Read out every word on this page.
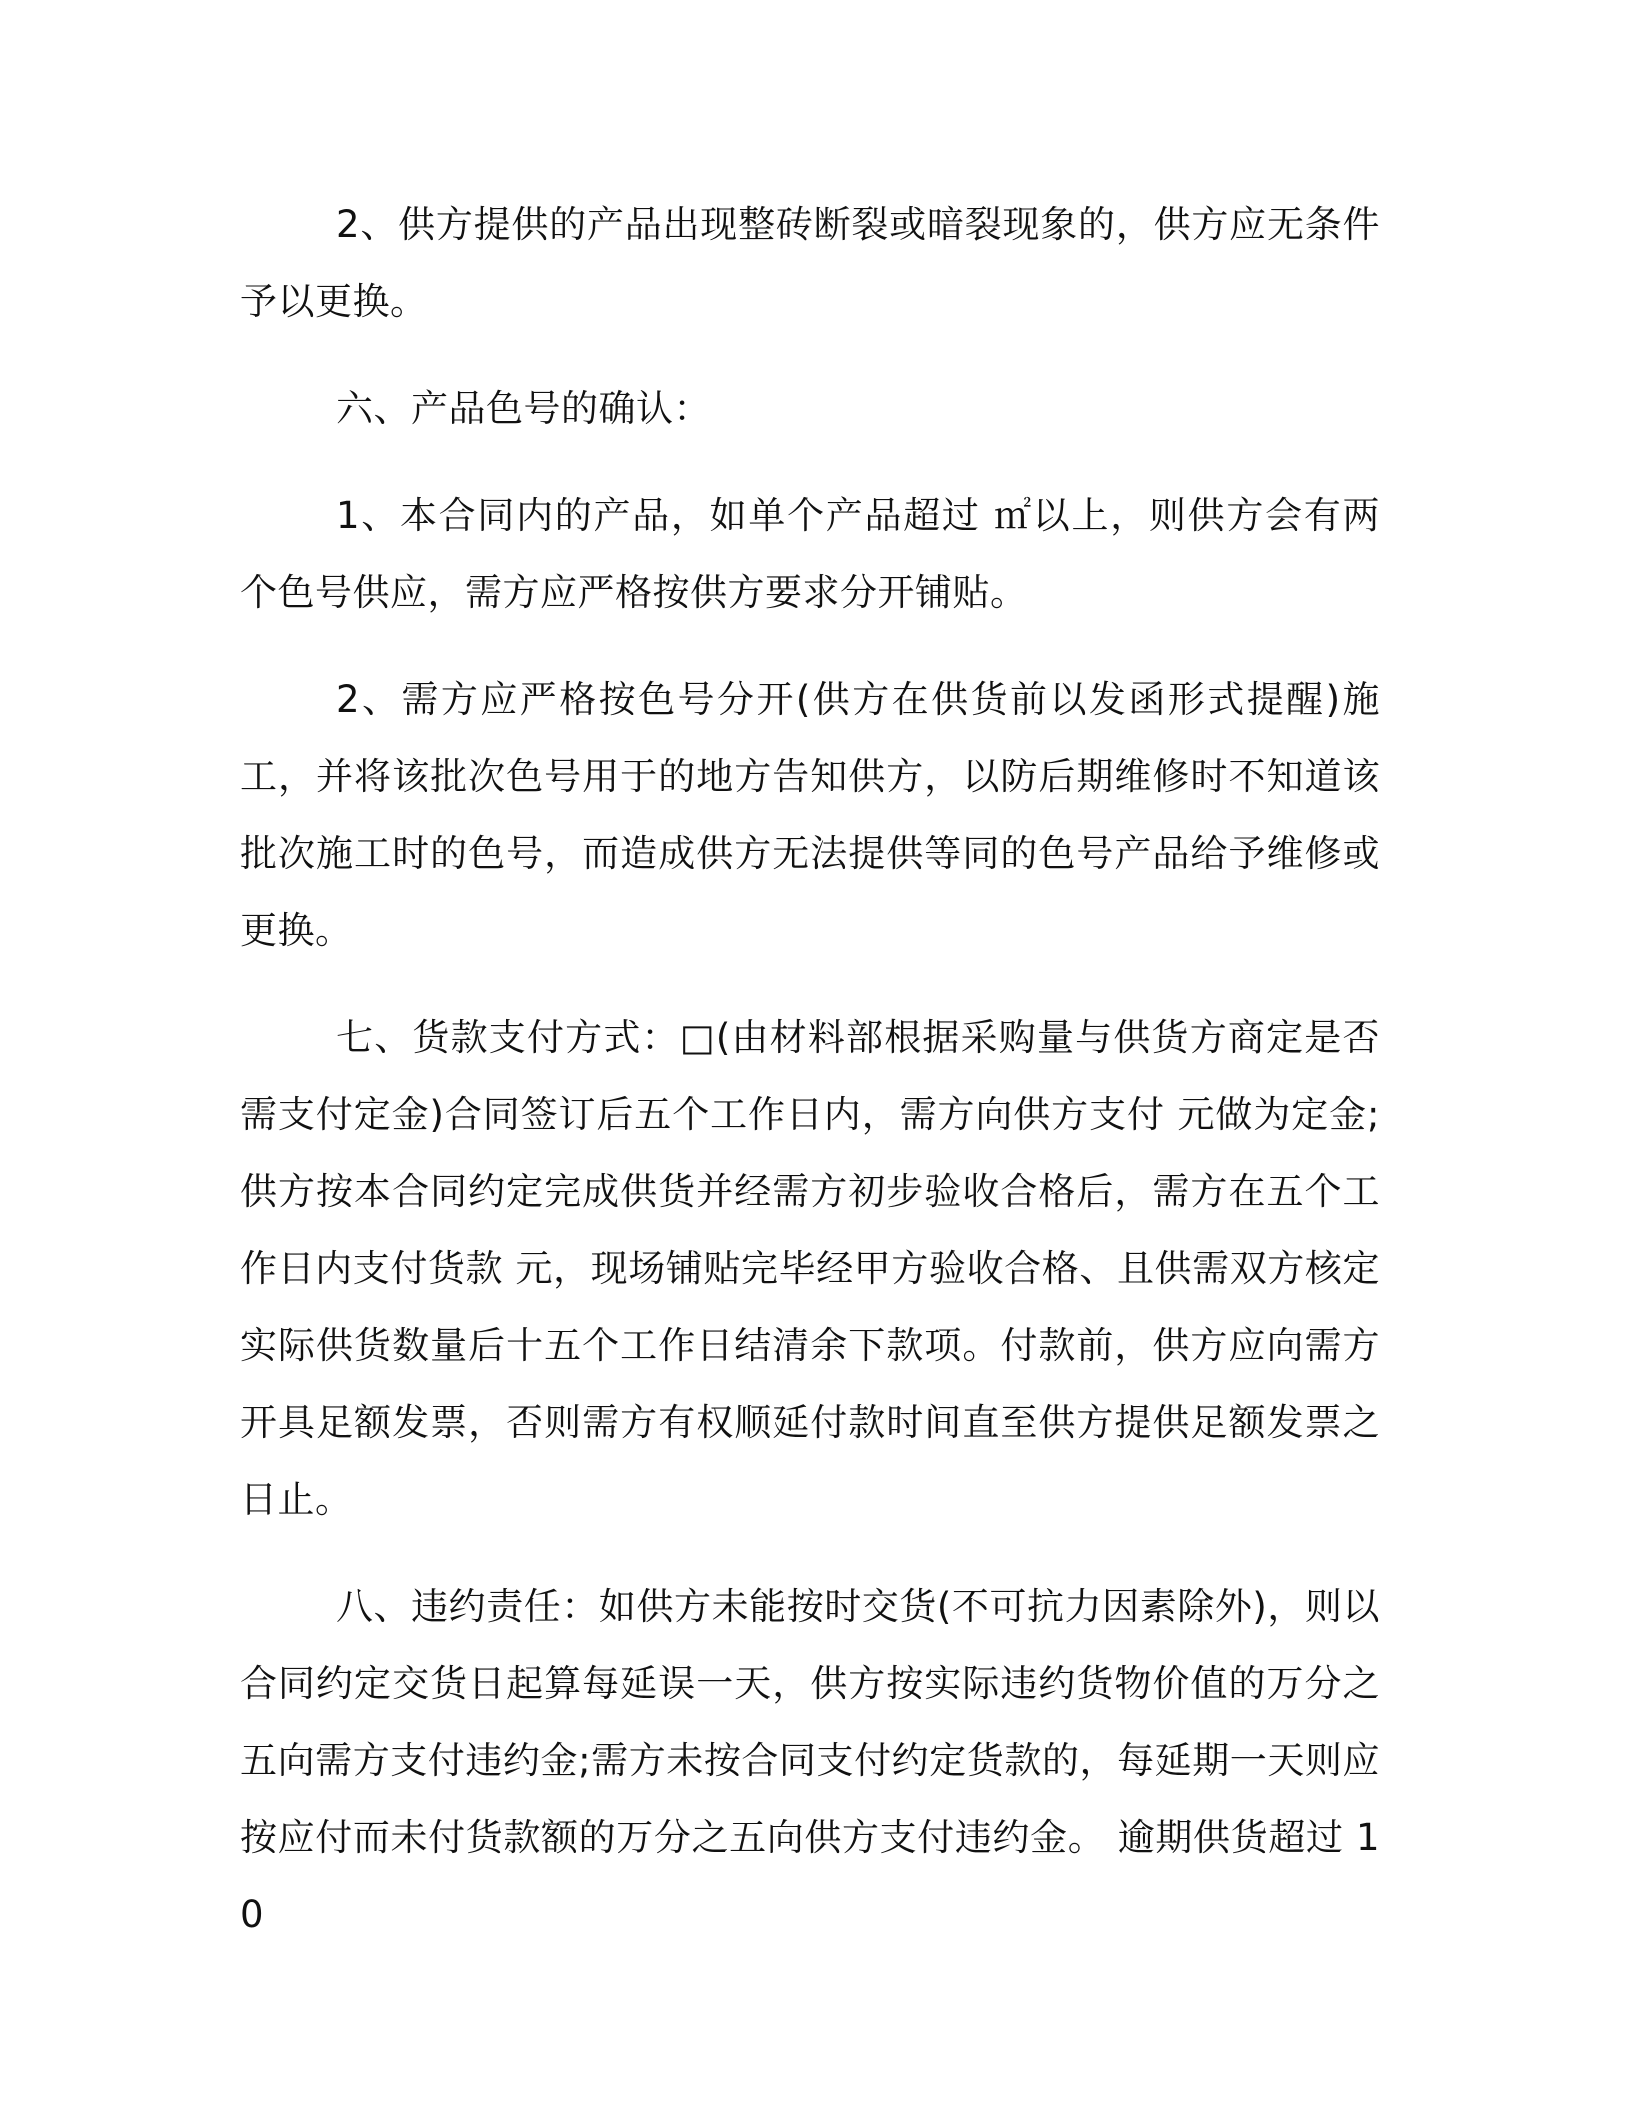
2、供方提供的产品出现整砖断裂或暗裂现象的，供方应无条件予以更换。

六、产品色号的确认：

1、本合同内的产品，如单个产品超过 ㎡以上，则供方会有两个色号供应，需方应严格按供方要求分开铺贴。

2、需方应严格按色号分开(供方在供货前以发函形式提醒)施工，并将该批次色号用于的地方告知供方，以防后期维修时不知道该批次施工时的色号，而造成供方无法提供等同的色号产品给予维修或更换。

七、货款支付方式：□(由材料部根据采购量与供货方商定是否需支付定金)合同签订后五个工作日内，需方向供方支付 元做为定金;供方按本合同约定完成供货并经需方初步验收合格后，需方在五个工作日内支付货款 元，现场铺贴完毕经甲方验收合格、且供需双方核定实际供货数量后十五个工作日结清余下款项。付款前，供方应向需方开具足额发票，否则需方有权顺延付款时间直至供方提供足额发票之日止。

八、违约责任：如供方未能按时交货(不可抗力因素除外)，则以合同约定交货日起算每延误一天，供方按实际违约货物价值的万分之五向需方支付违约金;需方未按合同支付约定货款的，每延期一天则应按应付而未付货款额的万分之五向供方支付违约金。 逾期供货超过 10
